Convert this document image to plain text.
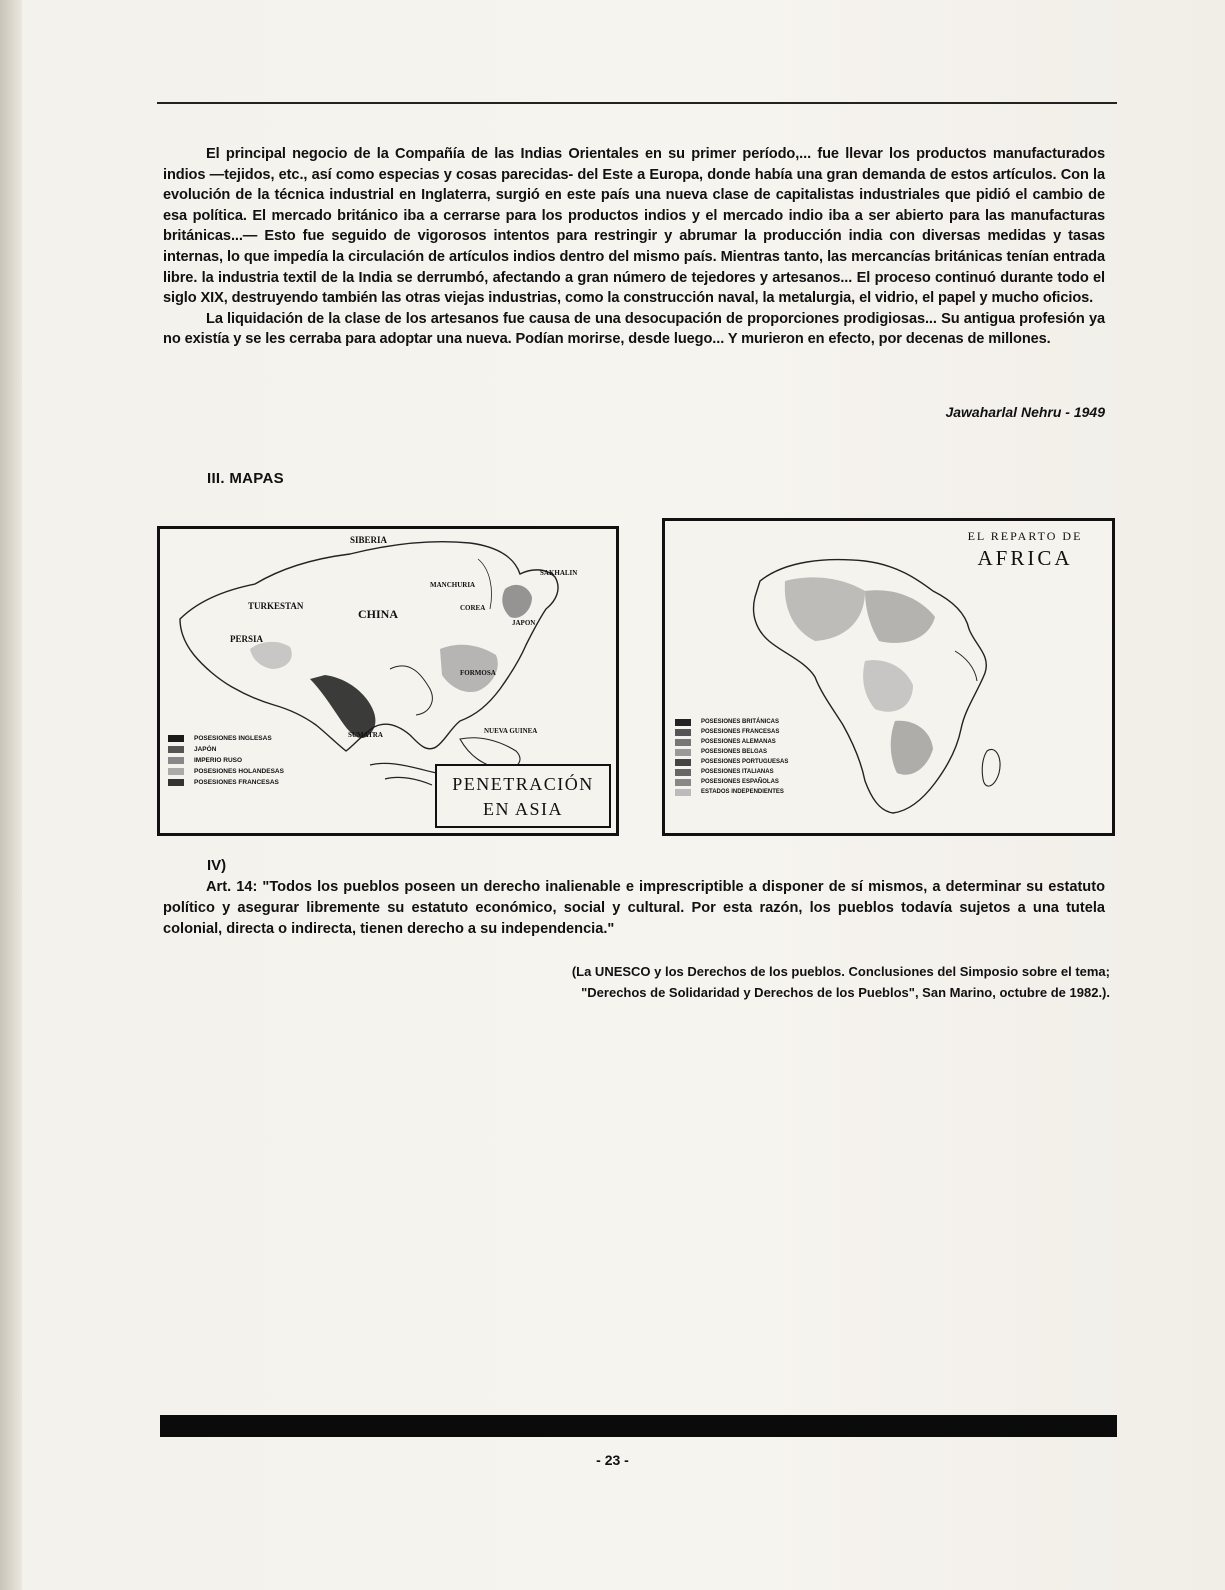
El principal negocio de la Compañía de las Indias Orientales en su primer período,... fue llevar los productos manufacturados indios —tejidos, etc., así como especias y cosas parecidas- del Este a Europa, donde había una gran demanda de estos artículos. Con la evolución de la técnica industrial en Inglaterra, surgió en este país una nueva clase de capitalistas industriales que pidió el cambio de esa política. El mercado británico iba a cerrarse para los productos indios y el mercado indio iba a ser abierto para las manufacturas británicas...— Esto fue seguido de vigorosos intentos para restringir y abrumar la producción india con diversas medidas y tasas internas, lo que impedía la circulación de artículos indios dentro del mismo país. Mientras tanto, las mercancías británicas tenían entrada libre. la industria textil de la India se derrumbó, afectando a gran número de tejedores y artesanos... El proceso continuó durante todo el siglo XIX, destruyendo también las otras viejas industrias, como la construcción naval, la metalurgia, el vidrio, el papel y mucho oficios.

La liquidación de la clase de los artesanos fue causa de una desocupación de proporciones prodigiosas... Su antigua profesión ya no existía y se les cerraba para adoptar una nueva. Podían morirse, desde luego... Y murieron en efecto, por decenas de millones.

Jawaharlal Nehru - 1949
III. MAPAS
SIBERIA
CHINA
TURKESTAN
PERSIA
MANCHURIA
COREA
JAPON
FORMOSA
SUMATRA	NUEVA GUINEA
SAKHALIN
POSESIONES INGLESAS
JAPÓN
IMPERIO RUSO
POSESIONES HOLANDESAS
POSESIONES FRANCESAS	PENETRACIÓN
EN ASIA
EL REPARTO DE
AFRICA
POSESIONES BRITÁNICAS
POSESIONES FRANCESAS
POSESIONES ALEMANAS
POSESIONES BELGAS
POSESIONES PORTUGUESAS
POSESIONES ITALIANAS
POSESIONES ESPAÑOLAS
ESTADOS INDEPENDIENTES
IV)

Art. 14: "Todos los pueblos poseen un derecho inalienable e imprescriptible a disponer de sí mismos, a determinar su estatuto político y asegurar libremente su estatuto económico, social y cultural. Por esta razón, los pueblos todavía sujetos a una tutela colonial, directa o indirecta, tienen derecho a su independencia."

(La UNESCO y los Derechos de los pueblos. Conclusiones del Simposio sobre el tema;
"Derechos de Solidaridad y Derechos de los Pueblos", San Marino, octubre de 1982.).
- 23 -
